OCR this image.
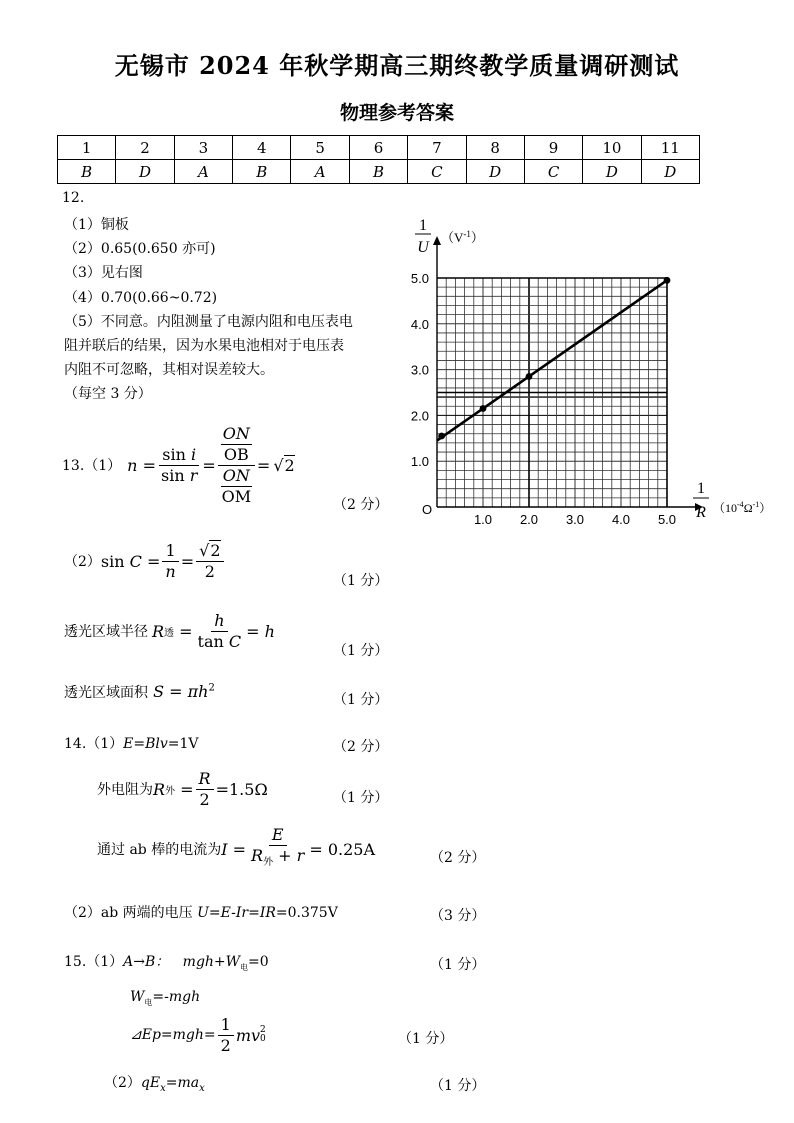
无锡市 2024 年秋学期高三期终教学质量调研测试
物理参考答案
1	2	3	4	5	6	7	8	9	10	11
B	D	A	B	A	B	C	D	C	D	D
12.
（1）铜板
（2）0.65(0.650 亦可)
（3）见右图
（4）0.70(0.66~0.72)
（5）不同意。内阻测量了电源内阻和电压表电
阻并联后的结果，因为水果电池相对于电压表
内阻不可忽略，其相对误差较大。
（每空 3 分）
1.0 2.0 3.0 4.0 5.0
1.0
2.0
3.0
4.0
5.0
O
1
U
$(V^{-1})$
1
R $(10^{-4}\Omega^{-1})$
13.（1） $n = \frac{\text{sin i}}{\text{sin r}}$ = ON
OB
ON
OM = √2
（2 分）
（2） sin
$C = \frac{1}{n} = \frac{√2}{2}$	（1 分）
透光区域半径 R 透 = $\frac{h}{\text{tan C}} = h$
（1 分）
透光区域面积 $S = \pi h^2$
（1 分）
14.（1）E=Blv=1V	（2 分）
外电阻为 R 外 = $\frac{R}{2} =1.5\Omega$	（1 分）
通过 ab 棒的电流为 $I = \frac{E}{R_外 + r} = 0.25A$	（2 分）
（2）ab 两端的电压 U=E-Ir=IR=0.375V	（3 分）
15.（1）A→B： $mgh+W_电=0$	（1 分）
$W_电=$-mgh
⊿Ep=mgh= $\frac{1}{2}$ mv 2
0	（1 分）
$(2)qE_x=ma_x$	（1 分）
